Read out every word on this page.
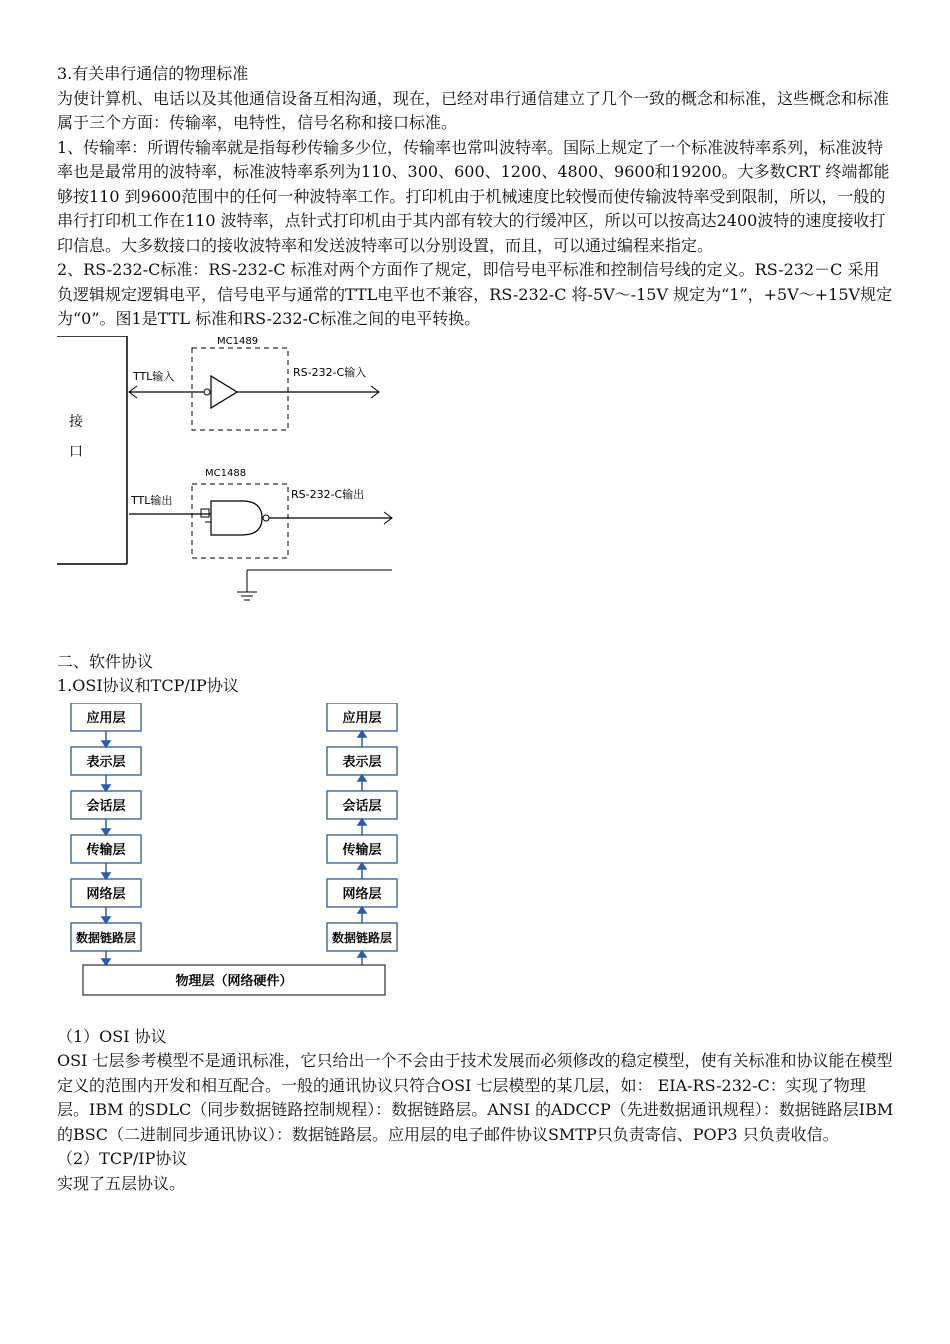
3.有关串行通信的物理标准

为使计算机、电话以及其他通信设备互相沟通，现在，已经对串行通信建立了几个一致的概念和标准，这些概念和标准属于三个方面：传输率，电特性，信号名称和接口标准。

1、传输率：所谓传输率就是指每秒传输多少位，传输率也常叫波特率。国际上规定了一个标准波特率系列，标准波特率也是最常用的波特率，标准波特率系列为110、300、600、1200、4800、9600和19200。大多数CRT 终端都能够按110 到9600范围中的任何一种波特率工作。打印机由于机械速度比较慢而使传输波特率受到限制，所以，一般的串行打印机工作在110 波特率，点针式打印机由于其内部有较大的行缓冲区，所以可以按高达2400波特的速度接收打印信息。大多数接口的接收波特率和发送波特率可以分别设置，而且，可以通过编程来指定。

2、RS-232-C标准：RS-232-C 标准对两个方面作了规定，即信号电平标准和控制信号线的定义。RS-232－C 采用负逻辑规定逻辑电平，信号电平与通常的TTL电平也不兼容，RS-232-C 将-5V～-15V 规定为“1”，+5V～+15V规定为“0”。图1是TTL 标准和RS-232-C标准之间的电平转换。

接
口
MC1489
TTL输入	RS-232-C输入
MC1488
TTL输出	RS-232-C输出

二、软件协议

1.OSI协议和TCP/IP协议

应用层
表示层
会话层
传输层
网络层
数据链路层
应用层
表示层
会话层
传输层
网络层
数据链路层
物理层（网络硬件）

（1）OSI 协议

OSI 七层参考模型不是通讯标准，它只给出一个不会由于技术发展而必须修改的稳定模型，使有关标准和协议能在模型定义的范围内开发和相互配合。一般的通讯协议只符合OSI 七层模型的某几层，如： EIA-RS-232-C：实现了物理层。IBM 的SDLC（同步数据链路控制规程）：数据链路层。ANSI 的ADCCP（先进数据通讯规程）：数据链路层IBM 的BSC（二进制同步通讯协议）：数据链路层。应用层的电子邮件协议SMTP只负责寄信、POP3 只负责收信。

（2）TCP/IP协议

实现了五层协议。
